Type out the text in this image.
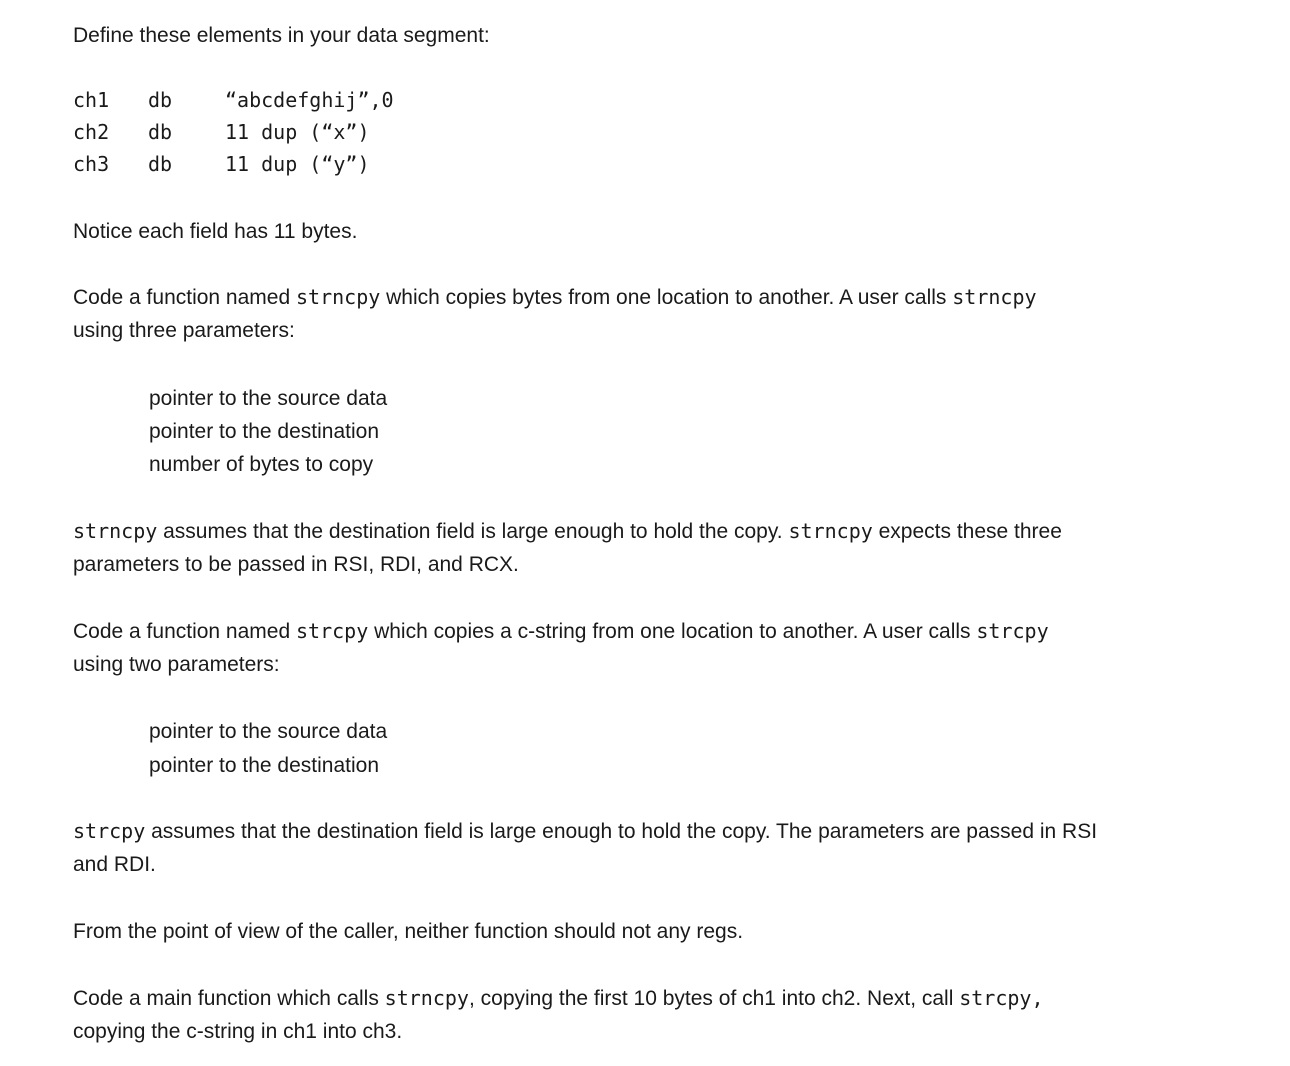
Define these elements in your data segment:
ch1 db	“abcdefghij”,0
ch2 db	11 dup (“x”)
ch3 db	11 dup (“y”)
Notice each field has 11 bytes.
Code a function named strncpy which copies bytes from one location to another. A user calls strncpy
using three parameters:
pointer to the source data
pointer to the destination
number of bytes to copy
strncpy assumes that the destination field is large enough to hold the copy. strncpy expects these three
parameters to be passed in RSI, RDI, and RCX.
Code a function named strcpy which copies a c-string from one location to another. A user calls strcpy
using two parameters:
pointer to the source data
pointer to the destination
strcpy assumes that the destination field is large enough to hold the copy. The parameters are passed in RSI
and RDI.
From the point of view of the caller, neither function should not any regs.
Code a main function which calls strncpy, copying the first 10 bytes of ch1 into ch2. Next, call strcpy,
copying the c-string in ch1 into ch3.
